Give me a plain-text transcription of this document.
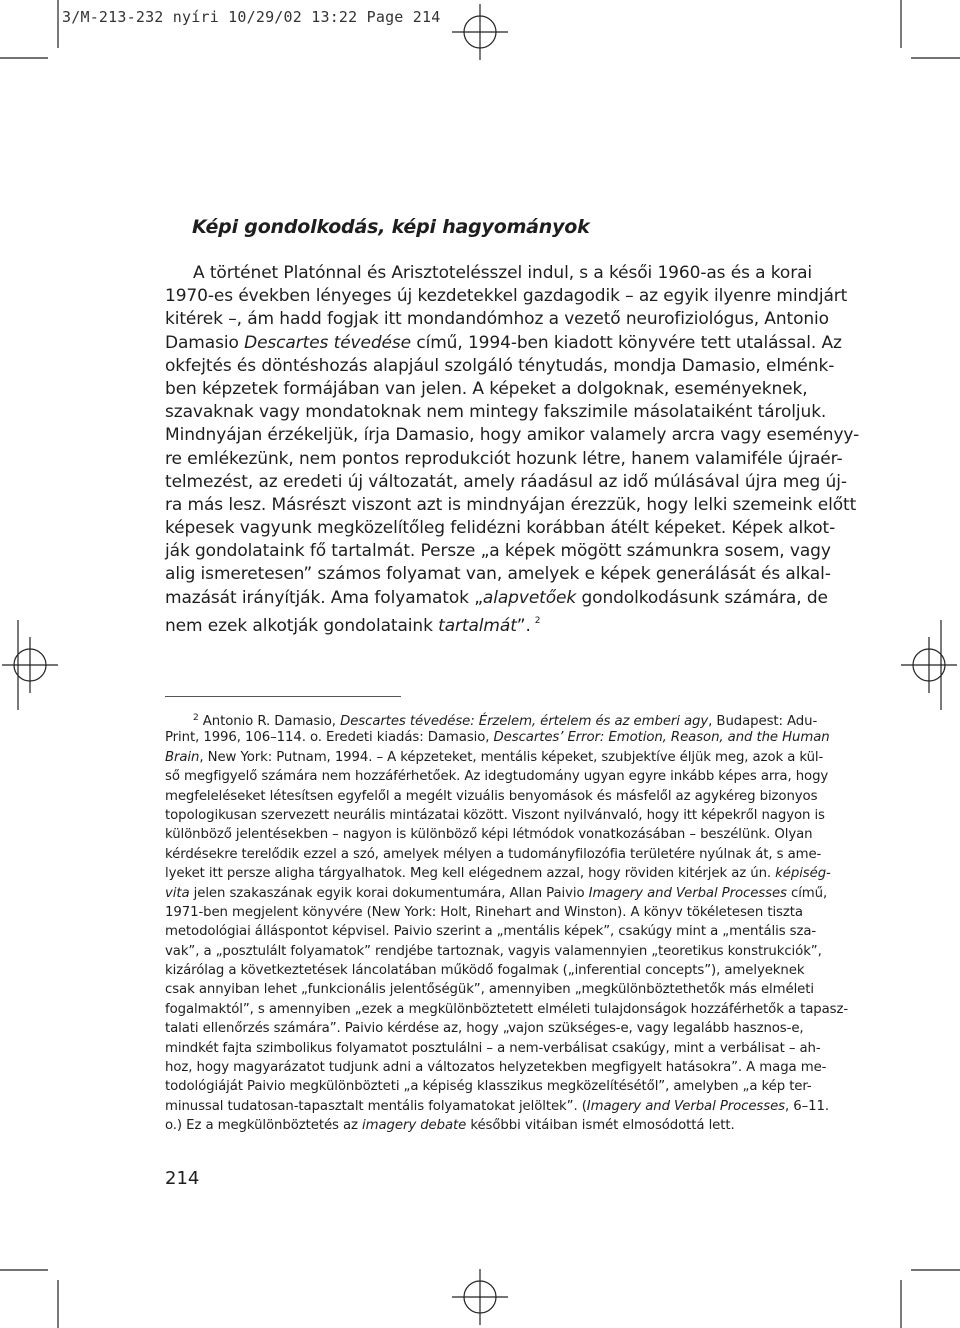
3/M-213-232 nyíri 10/29/02 13:22 Page 214
Képi gondolkodás, képi hagyományok
A történet Platónnal és Arisztotelésszel indul, s a késői 1960-as és a korai
1970-es években lényeges új kezdetekkel gazdagodik – az egyik ilyenre mindjárt
kitérek –, ám hadd fogjak itt mondandómhoz a vezető neurofiziológus, Antonio
Damasio Descartes tévedése című, 1994-ben kiadott könyvére tett utalással. Az
okfejtés és döntéshozás alapjául szolgáló ténytudás, mondja Damasio, elménk-
ben képzetek formájában van jelen. A képeket a dolgoknak, eseményeknek,
szavaknak vagy mondatoknak nem mintegy fakszimile másolataiként tároljuk.
Mindnyájan érzékeljük, írja Damasio, hogy amikor valamely arcra vagy eseményy-
re emlékezünk, nem pontos reprodukciót hozunk létre, hanem valamiféle újraér-
telmezést, az eredeti új változatát, amely ráadásul az idő múlásával újra meg új-
ra más lesz. Másrészt viszont azt is mindnyájan érezzük, hogy lelki szemeink előtt
képesek vagyunk megközelítőleg felidézni korábban átélt képeket. Képek alkot-
ják gondolataink fő tartalmát. Persze „a képek mögött számunkra sosem, vagy
alig ismeretesen” számos folyamat van, amelyek e képek generálását és alkal-
mazását irányítják. Ama folyamatok „alapvetőek gondolkodásunk számára, de
nem ezek alkotják gondolataink tartalmát”. $^2$
$^2$ Antonio R. Damasio, Descartes tévedése: Érzelem, értelem és az emberi agy, Budapest: Adu-
Print, 1996, 106–114. o. Eredeti kiadás: Damasio, Descartes’ Error: Emotion, Reason, and the Human
Brain, New York: Putnam, 1994. – A képzeteket, mentális képeket, szubjektíve éljük meg, azok a kül-
ső megfigyelő számára nem hozzáférhetőek. Az idegtudomány ugyan egyre inkább képes arra, hogy
megfeleléseket létesítsen egyfelől a megélt vizuális benyomások és másfelől az agykéreg bizonyos
topologikusan szervezett neurális mintázatai között. Viszont nyilvánvaló, hogy itt képekről nagyon is
különböző jelentésekben – nagyon is különböző képi létmódok vonatkozásában – beszélünk. Olyan
kérdésekre terelődik ezzel a szó, amelyek mélyen a tudományfilozófia területére nyúlnak át, s ame-
lyeket itt persze aligha tárgyalhatok. Meg kell elégednem azzal, hogy röviden kitérjek az ún. képiség-
vita jelen szakaszának egyik korai dokumentumára, Allan Paivio Imagery and Verbal Processes című,
1971-ben megjelent könyvére (New York: Holt, Rinehart and Winston). A könyv tökéletesen tiszta
metodológiai álláspontot képvisel. Paivio szerint a „mentális képek”, csakúgy mint a „mentális sza-
vak”, a „posztulált folyamatok” rendjébe tartoznak, vagyis valamennyien „teoretikus konstrukciók”,
kizárólag a következtetések láncolatában működő fogalmak („inferential concepts”), amelyeknek
csak annyiban lehet „funkcionális jelentőségük”, amennyiben „megkülönböztethetők más elméleti
fogalmaktól”, s amennyiben „ezek a megkülönböztetett elméleti tulajdonságok hozzáférhetők a tapasz-
talati ellenőrzés számára”. Paivio kérdése az, hogy „vajon szükséges-e, vagy legalább hasznos-e,
mindkét fajta szimbolikus folyamatot posztulálni – a nem-verbálisat csakúgy, mint a verbálisat – ah-
hoz, hogy magyarázatot tudjunk adni a változatos helyzetekben megfigyelt hatásokra”. A maga me-
todológiáját Paivio megkülönbözteti „a képiség klasszikus megközelítésétől”, amelyben „a kép ter-
minussal tudatosan-tapasztalt mentális folyamatokat jelöltek”. (Imagery and Verbal Processes, 6–11.
o.) Ez a megkülönböztetés az imagery debate későbbi vitáiban ismét elmosódottá lett.
214
